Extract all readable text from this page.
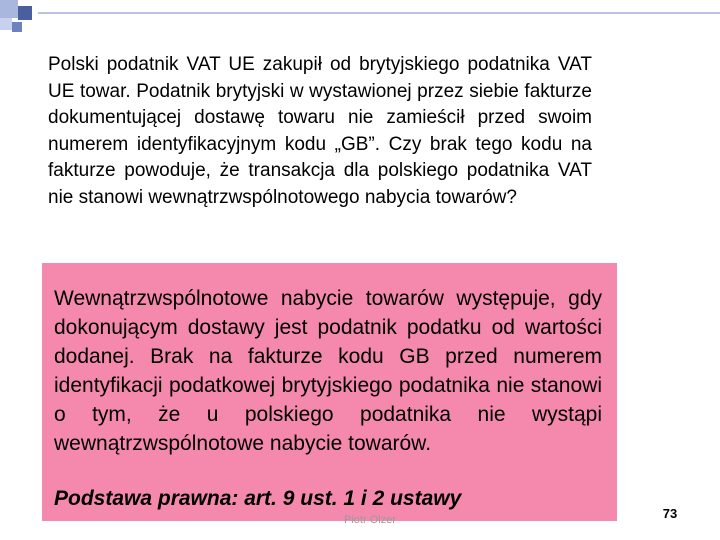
Polski podatnik VAT UE zakupił od brytyjskiego podatnika VAT UE towar. Podatnik brytyjski w wystawionej przez siebie fakturze dokumentującej dostawę towaru nie zamieścił przed swoim numerem identyfikacyjnym kodu „GB”. Czy brak tego kodu na fakturze powoduje, że transakcja dla polskiego podatnika VAT nie stanowi wewnątrzwspólnotowego nabycia towarów?

Piotr Olzer

Wewnątrzwspólnotowe nabycie towarów występuje, gdy dokonującym dostawy jest podatnik podatku od wartości dodanej. Brak na fakturze kodu GB przed numerem identyfikacji podatkowej brytyjskiego podatnika nie stanowi o tym, że u polskiego podatnika nie wystąpi wewnątrzwspólnotowe nabycie towarów.

Podstawa prawna: art. 9 ust. 1 i 2 ustawy

73
